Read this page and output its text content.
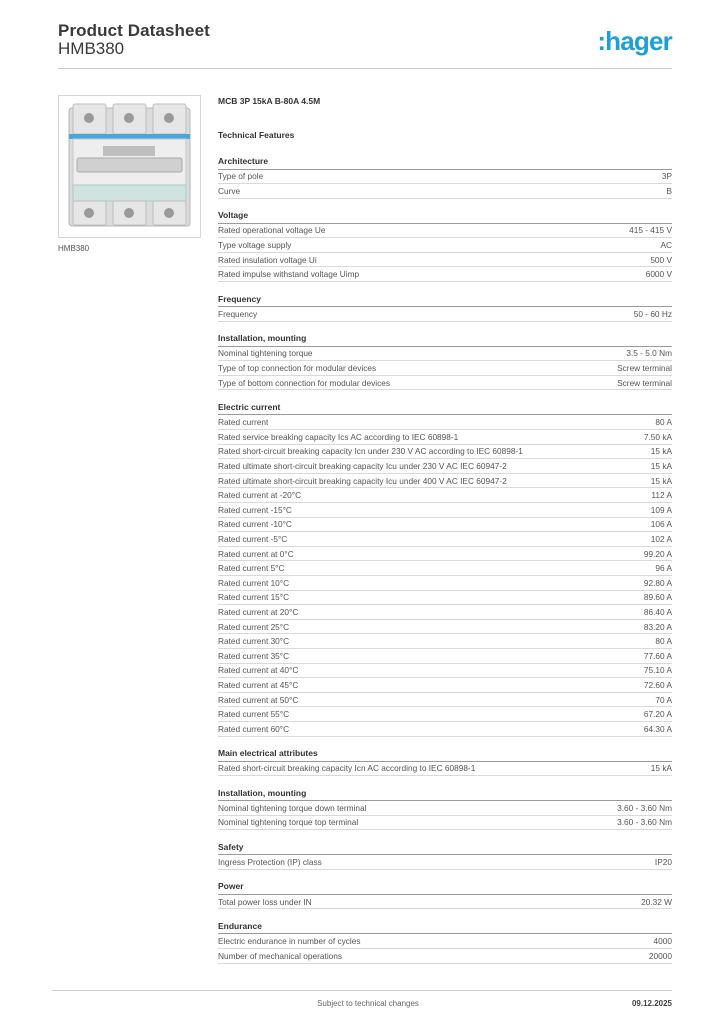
Product Datasheet
HMB380	:hager
HMB380
MCB 3P 15kA B-80A 4.5M
Technical Features
Architecture
Type of pole	3P
Curve	B
Voltage
Rated operational voltage Ue	415 - 415 V
Type voltage supply	AC
Rated insulation voltage Ui	500 V
Rated impulse withstand voltage Uimp	6000 V
Frequency
Frequency	50 - 60 Hz
Installation, mounting
Nominal tightening torque	3.5 - 5.0 Nm
Type of top connection for modular devices	Screw terminal
Type of bottom connection for modular devices	Screw terminal
Electric current
Rated current	80 A
Rated service breaking capacity Ics AC according to IEC 60898-1	7.50 kA
Rated short-circuit breaking capacity Icn under 230 V AC according to IEC 60898-1	15 kA
Rated ultimate short-circuit breaking capacity Icu under 230 V AC IEC 60947-2	15 kA
Rated ultimate short-circuit breaking capacity Icu under 400 V AC IEC 60947-2	15 kA
Rated current at -20°C	112 A
Rated current -15°C	109 A
Rated current -10°C	106 A
Rated current -5°C	102 A
Rated current at 0°C	99.20 A
Rated current 5°C	96 A
Rated current 10°C	92.80 A
Rated current 15°C	89.60 A
Rated current at 20°C	86.40 A
Rated current 25°C	83.20 A
Rated current 30°C	80 A
Rated current 35°C	77.60 A
Rated current at 40°C	75.10 A
Rated current at 45°C	72.60 A
Rated current at 50°C	70 A
Rated current 55°C	67.20 A
Rated current 60°C	64.30 A
Main electrical attributes
Rated short-circuit breaking capacity Icn AC according to IEC 60898-1	15 kA
Installation, mounting
Nominal tightening torque down terminal	3.60 - 3.60 Nm
Nominal tightening torque top terminal	3.60 - 3.60 Nm
Safety
Ingress Protection (IP) class	IP20
Power
Total power loss under IN	20.32 W
Endurance
Electric endurance in number of cycles	4000
Number of mechanical operations	20000
Subject to technical changes	09.12.2025
